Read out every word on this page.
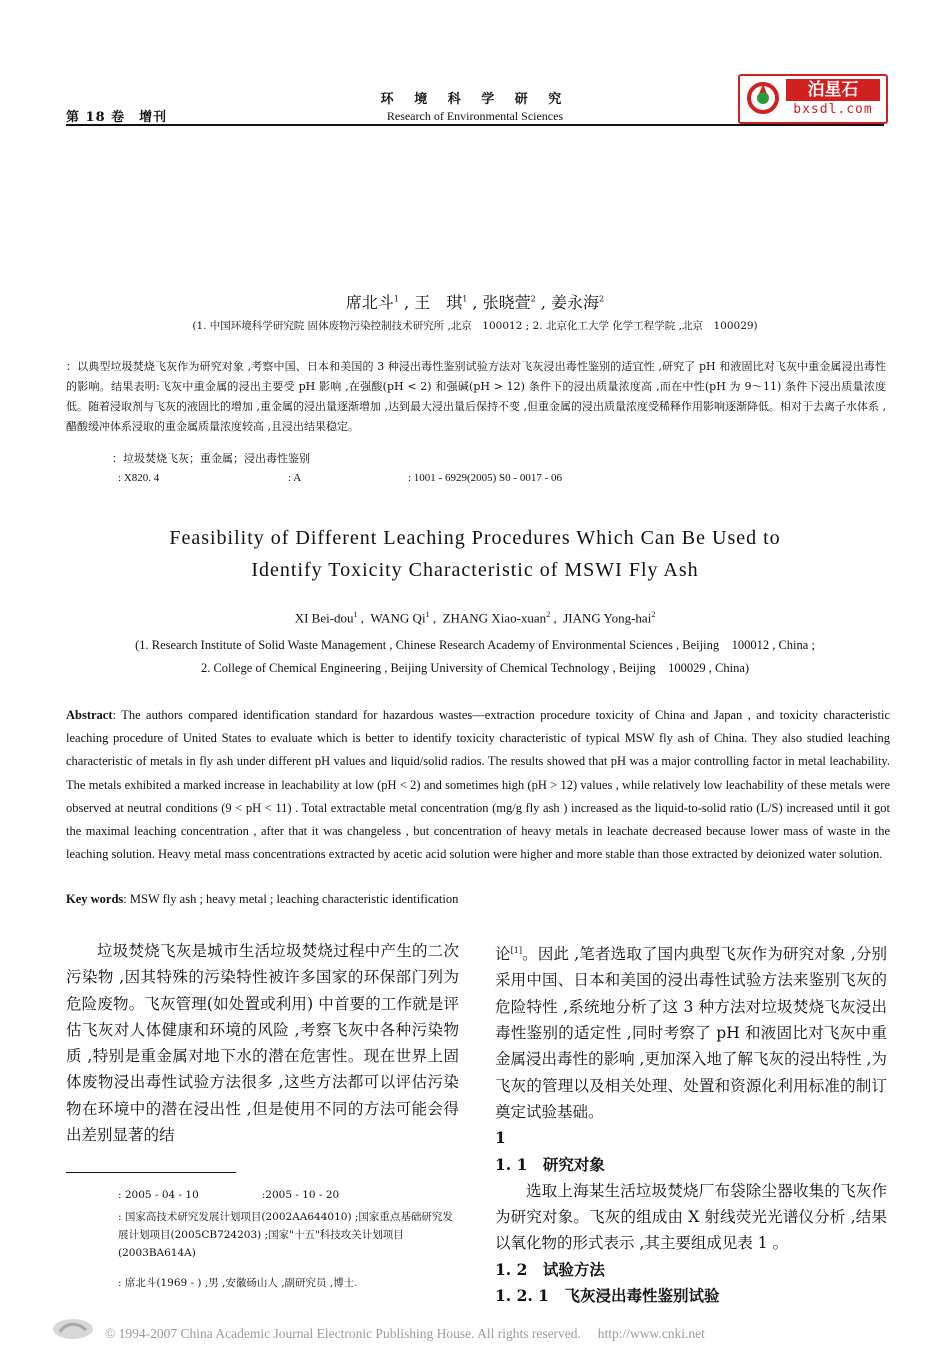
第 18 卷　增刊
环 境 科 学 研 究
Research of Environmental Sciences
泊星石
bxsdl.com
席北斗$^1$ , 王　琪$^1$ , 张晓萱$^2$ , 姜永海$^2$
(1. 中国环境科学研究院 固体废物污染控制技术研究所 ,北京　100012 ; 2. 北京化工大学 化学工程学院 ,北京　100029)
：以典型垃圾焚烧飞灰作为研究对象 ,考察中国、日本和美国的 3 种浸出毒性鉴别试验方法对飞灰浸出毒性鉴别的适宜性 ,研究了 pH 和液固比对飞灰中重金属浸出毒性的影响。结果表明:飞灰中重金属的浸出主要受 pH 影响 ,在强酸(pH < 2) 和强碱(pH > 12) 条件下的浸出质量浓度高 ,而在中性(pH 为 9～11) 条件下浸出质量浓度低。随着浸取剂与飞灰的液固比的增加 ,重金属的浸出量逐渐增加 ,达到最大浸出量后保持不变 ,但重金属的浸出质量浓度受稀释作用影响逐渐降低。相对于去离子水体系 ,醋酸缓冲体系浸取的重金属质量浓度较高 ,且浸出结果稳定。
：垃圾焚烧飞灰；重金属；浸出毒性鉴别
: X820. 4	: A	: 1001 - 6929(2005) S0 - 0017 - 06
Feasibility of Different Leaching Procedures Which Can Be Used to
Identify Toxicity Characteristic of MSWI Fly Ash
XI Bei-dou$^1$ ,  WANG Qi$^1$ ,  ZHANG Xiao-xuan$^2$ ,  JIANG Yong-hai$^2$
(1. Research Institute of Solid Waste Management , Chinese Research Academy of Environmental Sciences , Beijing　100012 , China ;
2. College of Chemical Engineering , Beijing University of Chemical Technology , Beijing　100029 , China)
Abstract: The authors compared identification standard for hazardous wastes—extraction procedure toxicity of China and Japan , and toxicity characteristic leaching procedure of United States to evaluate which is better to identify toxicity characteristic of typical MSW fly ash of China. They also studied leaching characteristic of metals in fly ash under different pH values and liquid/solid radios. The results showed that pH was a major controlling factor in metal leachability. The metals exhibited a marked increase in leachability at low (pH < 2) and sometimes high (pH > 12) values , while relatively low leachability of these metals were observed at neutral conditions (9 < pH < 11) . Total extractable metal concentration (mg/g fly ash ) increased as the liquid-to-solid ratio (L/S) increased until it got the maximal leaching concentration , after that it was changeless , but concentration of heavy metals in leachate decreased because lower mass of waste in the leaching solution. Heavy metal mass concentrations extracted by acetic acid solution were higher and more stable than those extracted by deionized water solution.
Key words: MSW fly ash ; heavy metal ; leaching characteristic identification
垃圾焚烧飞灰是城市生活垃圾焚烧过程中产生的二次污染物 ,因其特殊的污染特性被许多国家的环保部门列为危险废物。飞灰管理(如处置或利用) 中首要的工作就是评估飞灰对人体健康和环境的风险 ,考察飞灰中各种污染物质 ,特别是重金属对地下水的潜在危害性。现在世界上固体废物浸出毒性试验方法很多 ,这些方法都可以评估污染物在环境中的潜在浸出性 ,但是使用不同的方法可能会得出差别显著的结
论[1]。因此 ,笔者选取了国内典型飞灰作为研究对象 ,分别采用中国、日本和美国的浸出毒性试验方法来鉴别飞灰的危险特性 ,系统地分析了这 3 种方法对垃圾焚烧飞灰浸出毒性鉴别的适定性 ,同时考察了 pH 和液固比对飞灰中重金属浸出毒性的影响 ,更加深入地了解飞灰的浸出特性 ,为飞灰的管理以及相关处理、处置和资源化利用标准的制订奠定试验基础。
1
1. 1　研究对象
选取上海某生活垃圾焚烧厂布袋除尘器收集的飞灰作为研究对象。飞灰的组成由 X 射线荧光光谱仪分析 ,结果以氧化物的形式表示 ,其主要组成见表 1 。
1. 2　试验方法
1. 2. 1　飞灰浸出毒性鉴别试验
: 2005 - 04 - 10　　　　　　:2005 - 10 - 20
: 国家高技术研究发展计划项目(2002AA644010) ;国家重点基础研究发展计划项目(2005CB724203) ;国家"十五"科技攻关计划项目(2003BA614A)
: 席北斗(1969 - ) ,男 ,安徽砀山人 ,副研究员 ,博士.
© 1994-2007 China Academic Journal Electronic Publishing House. All rights reserved.　 http://www.cnki.net
